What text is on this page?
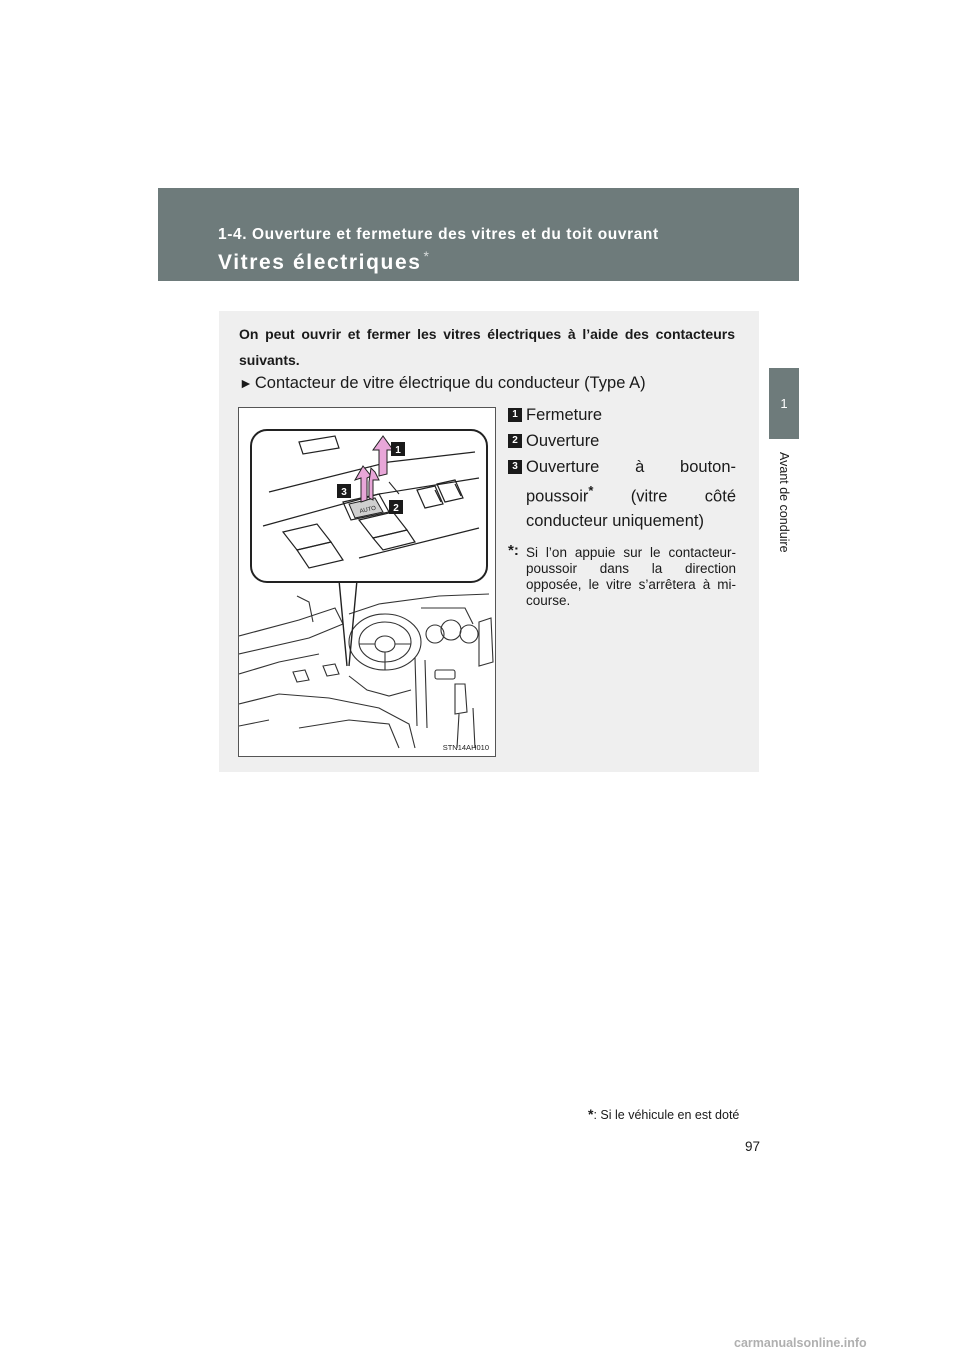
1-4. Ouverture et fermeture des vitres et du toit ouvrant
Vitres électriques *
1
Avant de conduire
On peut ouvrir et fermer les vitres électriques à l’aide des contacteurs suivants.
► Contacteur de vitre électrique du conducteur (Type A)
AUTO
1
2
3
STN14AH010
1 Fermeture
2 Ouverture
3 Ouverture à bouton-poussoir* (vitre côté conducteur uniquement)
*: Si l’on appuie sur le contacteur-poussoir dans la direction opposée, le vitre s’arrêtera à mi-course.
*: Si le véhicule en est doté
97
carmanualsonline.info
